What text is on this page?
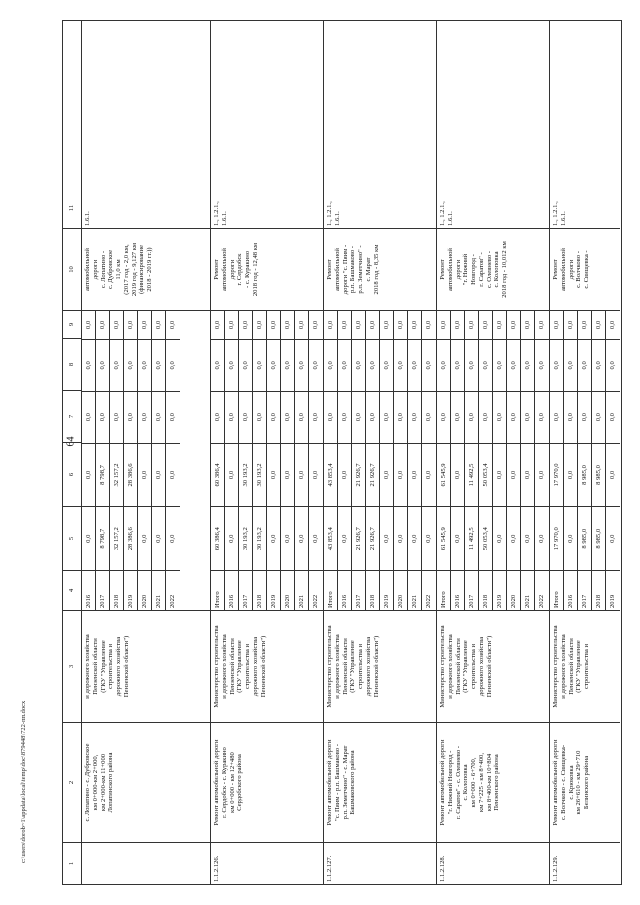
64
c:\users\dorob~1\appdata\local\temp\doc\879448\722-пп.docx
1
2
3
4
5
6
7
8
9
10
11
с. Лопатино - с. Дубровское
км 0+000-км 2+000,
км 2+000-км 11+000
Лопатинского района
и дорожного хозяйства
Пензенской области
(ГКУ "Управление
строительства и
дорожного хозяйства
Пензенской области")
2016
0,0
0,0
0,0
0,0
0,0
2017
8 798,7
8 798,7
0,0
0,0
0,0
2018
32 157,2
32 157,2
0,0
0,0
0,0
2019
28 386,6
28 386,6
0,0
0,0
0,0
2020
0,0
0,0
0,0
0,0
0,0
2021
0,0
0,0
0,0
0,0
0,0
2022
0,0
0,0
0,0
0,0
0,0
автомобильной
дороги
с. Лопатино -
с. Дубровское
11,0 км
(2017 год - 2,0 км,
2019 год - 9,127 км
(финансирование
2018 - 2019 гг.))
1.6.1.
1.1.2.126.
Ремонт автомобильной дороги
г. Сердобск - с. Куракино
км 0+000 - км 12+480
Сердобского района
Министерство строительства
и дорожного хозяйства
Пензенской области
(ГКУ "Управление
строительства и
дорожного хозяйства
Пензенской области")
Итого
60 386,4
60 386,4
0,0
0,0
0,0
2016
0,0
0,0
0,0
0,0
0,0
2017
30 193,2
30 193,2
0,0
0,0
0,0
2018
30 193,2
30 193,2
0,0
0,0
0,0
2019
0,0
0,0
0,0
0,0
0,0
2020
0,0
0,0
0,0
0,0
0,0
2021
0,0
0,0
0,0
0,0
0,0
2022
0,0
0,0
0,0
0,0
0,0
Ремонт
автомобильной
дороги
г. Сердобск
- с. Куракино
2018 год - 12,48 км
1., 1.2.1.,
1.6.1.
1.1.2.127.
Ремонт автомобильной дороги
"с. Пяим - р.п. Башмаково -
р.п. Земетчино" - с. Марат
Башмаковского района
Министерство строительства
и дорожного хозяйства
Пензенской области
(ГКУ "Управление
строительства и
дорожного хозяйства
Пензенской области")
Итого
43 853,4
43 853,4
0,0
0,0
0,0
2016
0,0
0,0
0,0
0,0
0,0
2017
21 926,7
21 926,7
0,0
0,0
0,0
2018
21 926,7
21 926,7
0,0
0,0
0,0
2019
0,0
0,0
0,0
0,0
0,0
2020
0,0
0,0
0,0
0,0
0,0
2021
0,0
0,0
0,0
0,0
0,0
2022
0,0
0,0
0,0
0,0
0,0
Ремонт
автомобильной
дороги "с. Пяим -
р.п. Башмаково -
р.п. Земетчино" -
с. Марат
2018 год - 8,35 км
1., 1.2.1.,
1.6.1.
1.1.2.128.
Ремонт автомобильной дороги
"г. Нижний Новгород -
г. Саратов" - с. Олевнево -
с. Колоповка
км 0+000 - 6+700,
км 7+225 - км 8+400,
км 8+400-км 10+804
Пензенского района
Министерство строительства
и дорожного хозяйства
Пензенской области
(ГКУ "Управление
строительства и
дорожного хозяйства
Пензенской области")
Итого
61 545,9
61 545,9
0,0
0,0
0,0
2016
0,0
0,0
0,0
0,0
0,0
2017
11 492,5
11 492,5
0,0
0,0
0,0
2018
50 053,4
50 053,4
0,0
0,0
0,0
2019
0,0
0,0
0,0
0,0
0,0
2020
0,0
0,0
0,0
0,0
0,0
2021
0,0
0,0
0,0
0,0
0,0
2022
0,0
0,0
0,0
0,0
0,0
Ремонт
автомобильной
дороги
"г. Нижний
Новгород -
г. Саратов" -
с. Олевнево -
с. Колоповка
2018 год - 10,012 км
1., 1.2.1.,
1.6.1.
1.1.2.129.
Ремонт автомобильной дороги
с. Волчково - с. Свищевка-
с. Крюковка
км 26+610 - км 29+710
Белинского района
Министерство строительства
и дорожного хозяйства
Пензенской области
(ГКУ "Управление
строительства и
Итого
17 970,0
17 970,0
0,0
0,0
0,0
2016
0,0
0,0
0,0
0,0
0,0
2017
8 985,0
8 985,0
0,0
0,0
0,0
2018
8 985,0
8 985,0
0,0
0,0
0,0
2019
0,0
0,0
0,0
0,0
0,0
Ремонт
автомобильной
дороги
с. Волчково -
с. Свищевка -
1., 1.2.1.,
1.6.1.
